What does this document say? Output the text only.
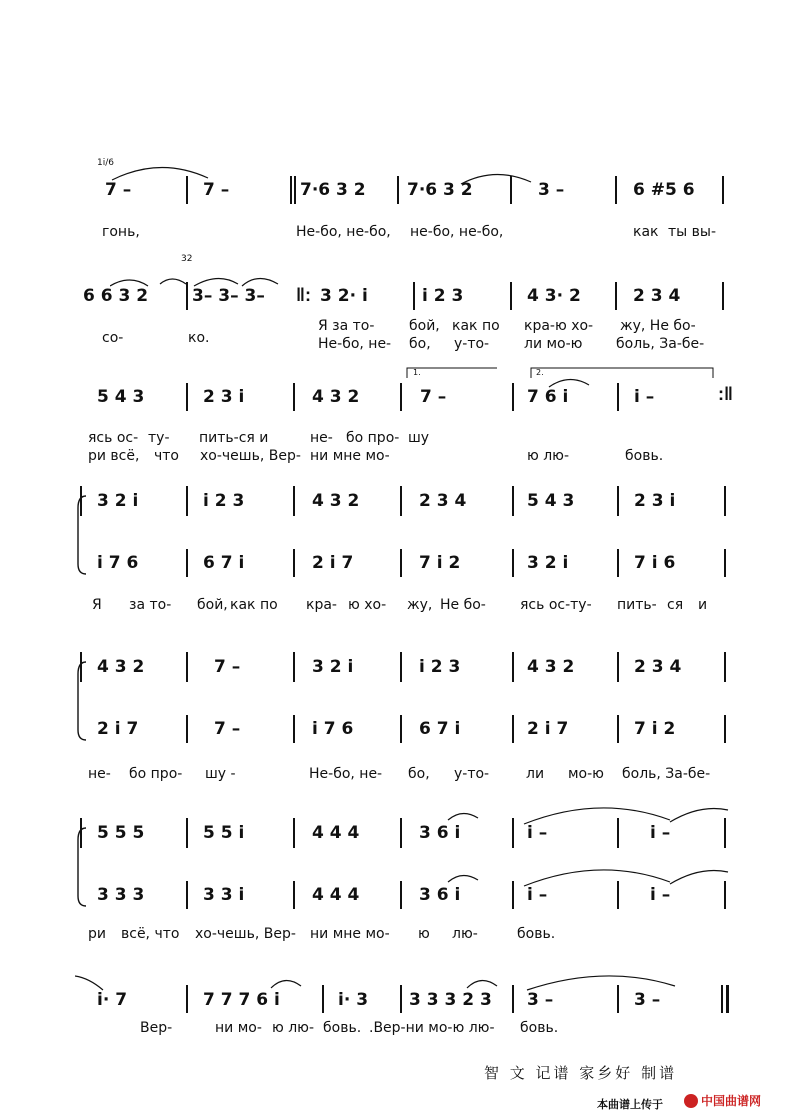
1i/6
7 –	7 –	7·6 3 2 7·6 3 2	3 –	6 #5 6
гонь,	Не-бо, не-бо, не-бо, не-бо,	как ты вы-
32
6 6 3 2	3– 3– 3– ‖: 3 2· i	i 2 3	4 3· 2	2 3 4
со-	ко.
Я за то- бой, как по кра-ю хо- жу, Не бо-
Не-бо, не- бо, у-то- ли мо-ю боль, За-бе-
5 4 3	2 3 i	4 3 2	7 –	7 6 i	i –	:‖
1.	2.
ясь ос- ту- пить-ся и	не- бо про- шу
ри всё, что хо-чешь, Вер- ни мне мо-	ю лю-	бовь.
3 2 i	i 2 3	4 3 2	2 3 4	5 4 3	2 3 i
i 7 6	6 7 i	2 i 7	7 i 2	3 2 i	7 i 6
Я за то- бой, как по кра- ю хо- жу, Не бо- ясь ос-ту- пить- ся и
4 3 2	7 –	3 2 i	i 2 3	4 3 2	2 3 4
2 i 7	7 –	i 7 6	6 7 i	2 i 7	7 i 2
не- бо про- шу -	Не-бо, не- бо, у-то-	ли мо-ю боль, За-бе-
5 5 5	5 5 i	4 4 4	3 6 i	i –	i –
3 3 3	3 3 i	4 4 4	3 6 i	i –	i –
ри всё, что хо-чешь, Вер- ни мне мо- ю лю-	бовь.
i· 7	7 7 7 6 i	i· 3 3 3 3 2 3 3 –	3 –
Вер-	ни мо- ю лю- бовь. .Вер-ни мо-ю лю- бовь.
智 文 记谱 家乡好 制谱
本曲谱上传于	中国曲谱网
